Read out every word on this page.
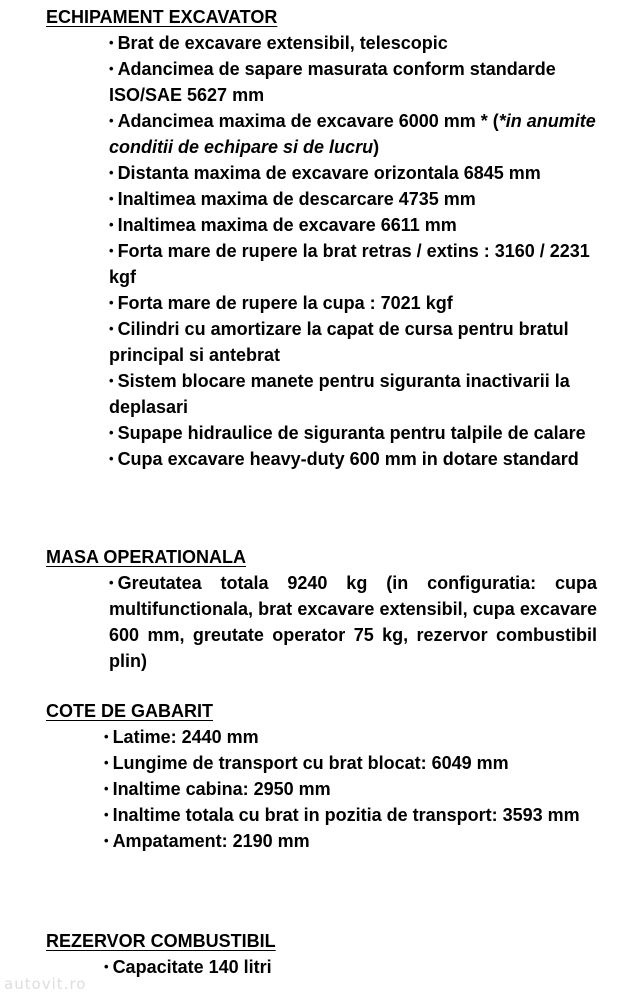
ECHIPAMENT EXCAVATOR
• Brat de excavare extensibil, telescopic
• Adancimea de sapare masurata conform standarde ISO/SAE 5627 mm
• Adancimea maxima de excavare 6000 mm * (*in anumite conditii de echipare si de lucru)
• Distanta maxima de excavare orizontala 6845 mm
• Inaltimea maxima de descarcare 4735 mm
• Inaltimea maxima de excavare 6611 mm
• Forta mare de rupere la brat retras / extins : 3160 / 2231 kgf
• Forta mare de rupere la cupa : 7021 kgf
• Cilindri cu amortizare la capat de cursa pentru bratul principal si antebrat
• Sistem blocare manete pentru siguranta inactivarii la deplasari
• Supape hidraulice de siguranta pentru talpile de calare
• Cupa excavare heavy-duty 600 mm in dotare standard
MASA OPERATIONALA
• Greutatea totala 9240 kg (in configuratia: cupa multifunctionala, brat excavare extensibil, cupa excavare 600 mm, greutate operator 75 kg, rezervor combustibil plin)
COTE DE GABARIT
• Latime: 2440 mm
• Lungime de transport cu brat blocat: 6049 mm
• Inaltime cabina: 2950 mm
• Inaltime totala cu brat in pozitia de transport: 3593 mm
• Ampatament: 2190 mm
REZERVOR COMBUSTIBIL
• Capacitate 140 litri
autovit.ro
